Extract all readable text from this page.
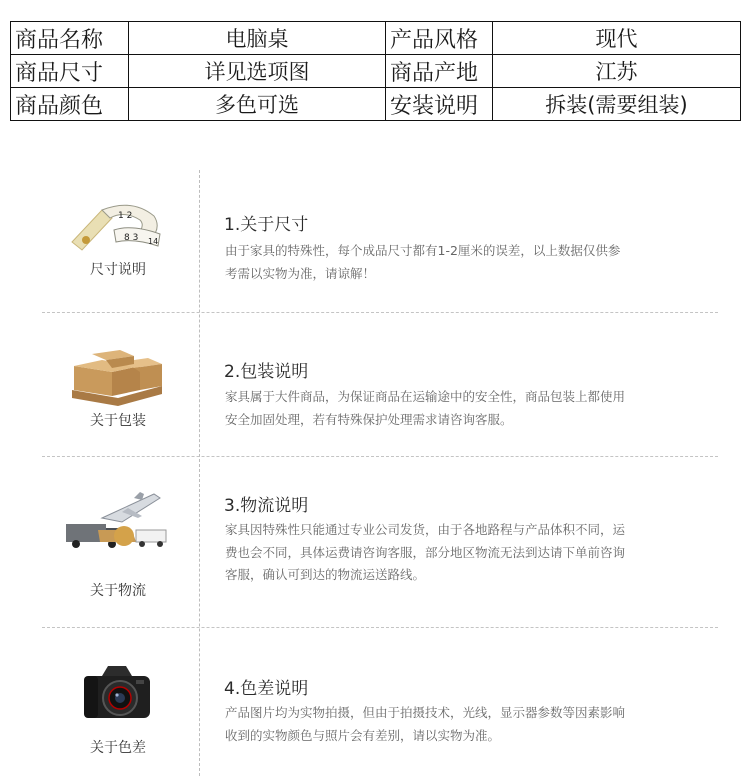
商品名称	电脑桌	产品风格	现代
商品尺寸	详见选项图	商品产地	江苏
商品颜色	多色可选	安装说明	拆装(需要组装)
1 2
8 3 14
尺寸说明
1.关于尺寸
由于家具的特殊性，每个成品尺寸都有1-2厘米的误差，以上数据仅供参
考需以实物为准，请谅解！
关于包装
2.包装说明
家具属于大件商品，为保证商品在运输途中的安全性，商品包装上都使用
安全加固处理，若有特殊保护处理需求请咨询客服。
关于物流
3.物流说明
家具因特殊性只能通过专业公司发货，由于各地路程与产品体积不同，运
费也会不同，具体运费请咨询客服，部分地区物流无法到达请下单前咨询
客服，确认可到达的物流运送路线。
关于色差
4.色差说明
产品图片均为实物拍摄，但由于拍摄技术，光线，显示器参数等因素影响
收到的实物颜色与照片会有差别，请以实物为准。
